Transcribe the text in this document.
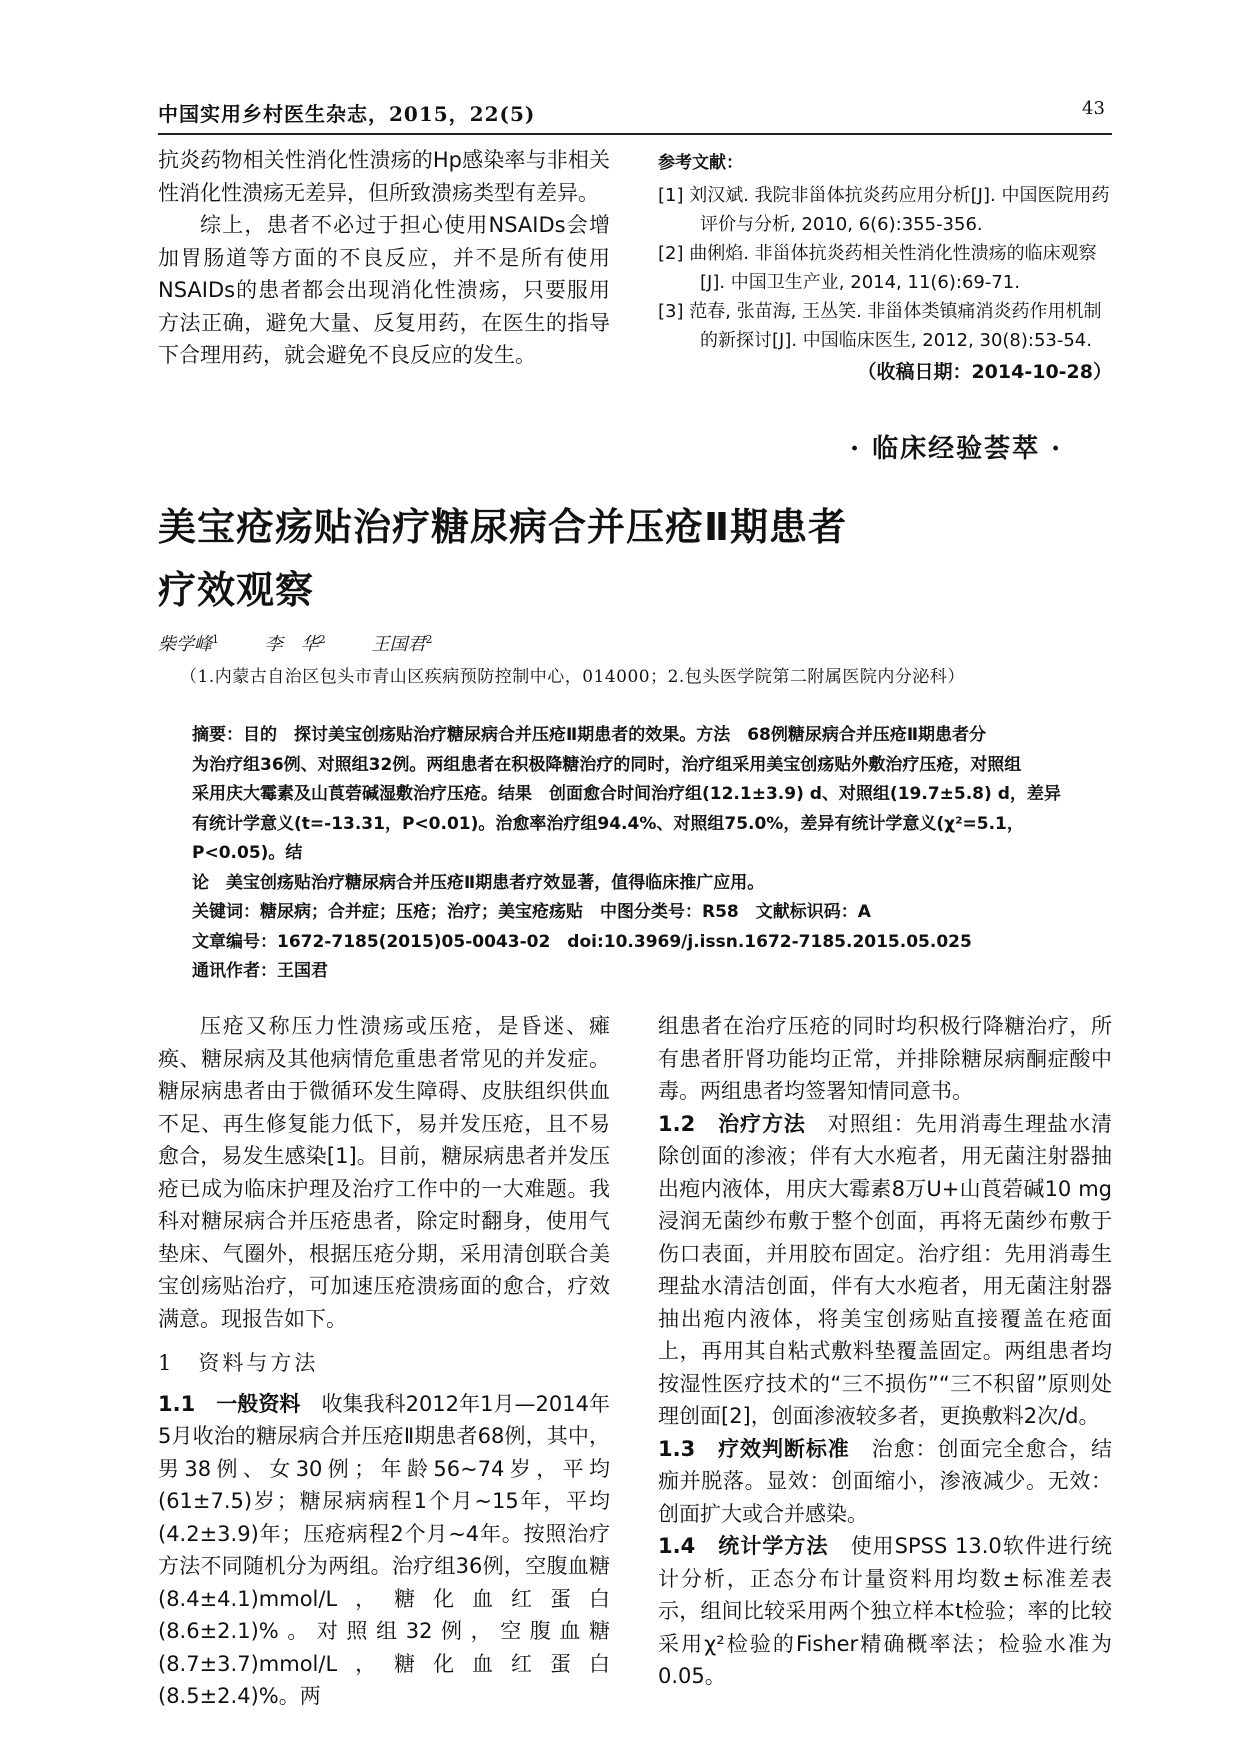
中国实用乡村医生杂志，2015，22(5)	43

抗炎药物相关性消化性溃疡的Hp感染率与非相关性消化性溃疡无差异，但所致溃疡类型有差异。

综上，患者不必过于担心使用NSAIDs会增加胃肠道等方面的不良反应，并不是所有使用NSAIDs的患者都会出现消化性溃疡，只要服用方法正确，避免大量、反复用药，在医生的指导下合理用药，就会避免不良反应的发生。

参考文献：
[1] 刘汉斌. 我院非甾体抗炎药应用分析[J]. 中国医院用药评价与分析, 2010, 6(6):355-356.
[2] 曲俐焰. 非甾体抗炎药相关性消化性溃疡的临床观察[J]. 中国卫生产业, 2014, 11(6):69-71.
[3] 范春, 张苗海, 王丛笑. 非甾体类镇痛消炎药作用机制的新探讨[J]. 中国临床医生, 2012, 30(8):53-54.
（收稿日期：2014-10-28）
· 临床经验荟萃 ·
美宝疮疡贴治疗糖尿病合并压疮Ⅱ期患者
疗效观察
柴学峰$^1$	李　华$^2$	王国君$^2$
（1.内蒙古自治区包头市青山区疾病预防控制中心，014000；2.包头医学院第二附属医院内分泌科）

摘要：目的　探讨美宝创疡贴治疗糖尿病合并压疮Ⅱ期患者的效果。方法　68例糖尿病合并压疮Ⅱ期患者分

为治疗组36例、对照组32例。两组患者在积极降糖治疗的同时，治疗组采用美宝创疡贴外敷治疗压疮，对照组

采用庆大霉素及山莨菪碱湿敷治疗压疮。结果　创面愈合时间治疗组(12.1±3.9) d、对照组(19.7±5.8) d，差异

有统计学意义(t=-13.31，P<0.01)。治愈率治疗组94.4%、对照组75.0%，差异有统计学意义(χ²=5.1，P<0.05)。结

论　美宝创疡贴治疗糖尿病合并压疮Ⅱ期患者疗效显著，值得临床推广应用。

关键词：糖尿病；合并症；压疮；治疗；美宝疮疡贴　中图分类号：R58　文献标识码：A

文章编号：1672-7185(2015)05-0043-02　doi:10.3969/j.issn.1672-7185.2015.05.025

通讯作者：王国君

压疮又称压力性溃疡或压疮，是昏迷、瘫痪、糖尿病及其他病情危重患者常见的并发症。糖尿病患者由于微循环发生障碍、皮肤组织供血不足、再生修复能力低下，易并发压疮，且不易愈合，易发生感染[1]。目前，糖尿病患者并发压疮已成为临床护理及治疗工作中的一大难题。我科对糖尿病合并压疮患者，除定时翻身，使用气垫床、气圈外，根据压疮分期，采用清创联合美宝创疡贴治疗，可加速压疮溃疡面的愈合，疗效满意。现报告如下。

1　资料与方法

1.1　一般资料　 收集我科2012年1月—2014年5月收治的糖尿病合并压疮Ⅱ期患者68例，其中，男38例、女30例；年龄56~74岁，平均(61±7.5)岁；糖尿病病程1个月~15年，平均(4.2±3.9)年；压疮病程2个月~4年。按照治疗方法不同随机分为两组。治疗组36例，空腹血糖(8.4±4.1)mmol/L，糖化血红蛋白(8.6±2.1)%。对照组32例，空腹血糖(8.7±3.7)mmol/L，糖化血红蛋白(8.5±2.4)%。两

组患者在治疗压疮的同时均积极行降糖治疗，所有患者肝肾功能均正常，并排除糖尿病酮症酸中毒。两组患者均签署知情同意书。

1.2　治疗方法　 对照组：先用消毒生理盐水清除创面的渗液；伴有大水疱者，用无菌注射器抽出疱内液体，用庆大霉素8万U+山莨菪碱10 mg浸润无菌纱布敷于整个创面，再将无菌纱布敷于伤口表面，并用胶布固定。治疗组：先用消毒生理盐水清洁创面，伴有大水疱者，用无菌注射器抽出疱内液体，将美宝创疡贴直接覆盖在疮面上，再用其自粘式敷料垫覆盖固定。两组患者均按湿性医疗技术的“三不损伤”“三不积留”原则处理创面[2]，创面渗液较多者，更换敷料2次/d。

1.3　疗效判断标准　 治愈：创面完全愈合，结痂并脱落。显效：创面缩小，渗液减少。无效：创面扩大或合并感染。

1.4　统计学方法　 使用SPSS 13.0软件进行统计分析，正态分布计量资料用均数±标准差表示，组间比较采用两个独立样本t检验；率的比较采用χ²检验的Fisher精确概率法；检验水准为0.05。
